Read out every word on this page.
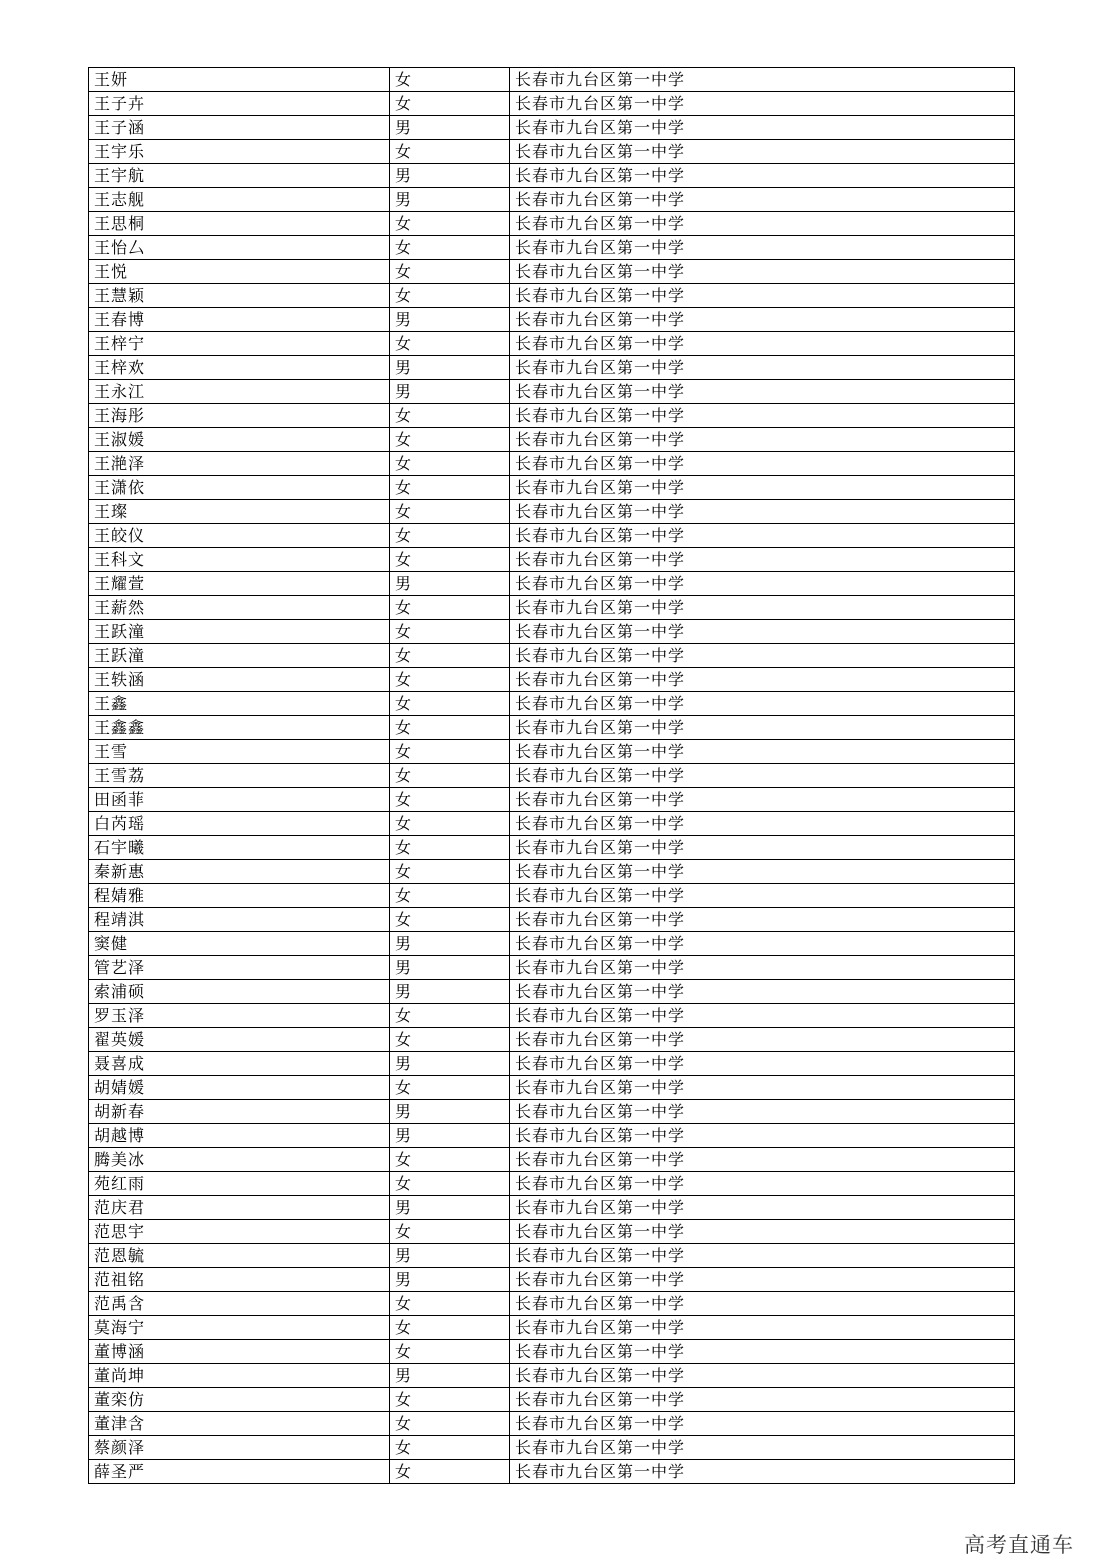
王妍	女	长春市九台区第一中学
王子卉	女	长春市九台区第一中学
王子涵	男	长春市九台区第一中学
王宇乐	女	长春市九台区第一中学
王宇航	男	长春市九台区第一中学
王志舰	男	长春市九台区第一中学
王思桐	女	长春市九台区第一中学
王怡厶	女	长春市九台区第一中学
王悦	女	长春市九台区第一中学
王慧颖	女	长春市九台区第一中学
王春博	男	长春市九台区第一中学
王梓宁	女	长春市九台区第一中学
王梓欢	男	长春市九台区第一中学
王永江	男	长春市九台区第一中学
王海彤	女	长春市九台区第一中学
王淑媛	女	长春市九台区第一中学
王滟泽	女	长春市九台区第一中学
王潇依	女	长春市九台区第一中学
王璨	女	长春市九台区第一中学
王皎仪	女	长春市九台区第一中学
王科文	女	长春市九台区第一中学
王耀萱	男	长春市九台区第一中学
王薪然	女	长春市九台区第一中学
王跃潼	女	长春市九台区第一中学
王跃潼	女	长春市九台区第一中学
王轶涵	女	长春市九台区第一中学
王鑫	女	长春市九台区第一中学
王鑫鑫	女	长春市九台区第一中学
王雪	女	长春市九台区第一中学
王雪荔	女	长春市九台区第一中学
田函菲	女	长春市九台区第一中学
白芮瑶	女	长春市九台区第一中学
石宇曦	女	长春市九台区第一中学
秦新惠	女	长春市九台区第一中学
程婧雅	女	长春市九台区第一中学
程靖淇	女	长春市九台区第一中学
窦健	男	长春市九台区第一中学
管艺泽	男	长春市九台区第一中学
索浦硕	男	长春市九台区第一中学
罗玉泽	女	长春市九台区第一中学
翟英媛	女	长春市九台区第一中学
聂喜成	男	长春市九台区第一中学
胡婧媛	女	长春市九台区第一中学
胡新春	男	长春市九台区第一中学
胡越博	男	长春市九台区第一中学
腾美冰	女	长春市九台区第一中学
苑红雨	女	长春市九台区第一中学
范庆君	男	长春市九台区第一中学
范思宇	女	长春市九台区第一中学
范恩毓	男	长春市九台区第一中学
范祖铭	男	长春市九台区第一中学
范禹含	女	长春市九台区第一中学
莫海宁	女	长春市九台区第一中学
董博涵	女	长春市九台区第一中学
董尚坤	男	长春市九台区第一中学
董栾仿	女	长春市九台区第一中学
董津含	女	长春市九台区第一中学
蔡颜泽	女	长春市九台区第一中学
薛圣严	女	长春市九台区第一中学
高考直通车
